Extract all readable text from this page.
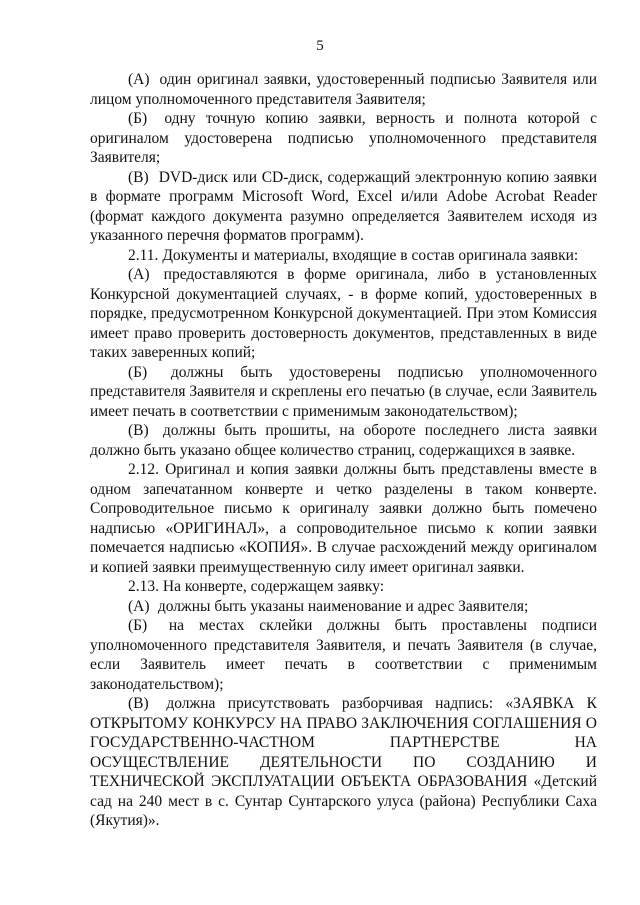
5

(А) один оригинал заявки, удостоверенный подписью Заявителя или лицом уполномоченного представителя Заявителя;

(Б) одну точную копию заявки, верность и полнота которой с оригиналом удостоверена подписью уполномоченного представителя Заявителя;

(В) DVD-диск или CD-диск, содержащий электронную копию заявки в формате программ Microsoft Word, Excel и/или Adobe Acrobat Reader (формат каждого документа разумно определяется Заявителем исходя из указанного перечня форматов программ).

2.11. Документы и материалы, входящие в состав оригинала заявки:

(А) предоставляются в форме оригинала, либо в установленных Конкурсной документацией случаях, - в форме копий, удостоверенных в порядке, предусмотренном Конкурсной документацией. При этом Комиссия имеет право проверить достоверность документов, представленных в виде таких заверенных копий;

(Б) должны быть удостоверены подписью уполномоченного представителя Заявителя и скреплены его печатью (в случае, если Заявитель имеет печать в соответствии с применимым законодательством);

(В) должны быть прошиты, на обороте последнего листа заявки должно быть указано общее количество страниц, содержащихся в заявке.

2.12. Оригинал и копия заявки должны быть представлены вместе в одном запечатанном конверте и четко разделены в таком конверте. Сопроводительное письмо к оригиналу заявки должно быть помечено надписью «ОРИГИНАЛ», а сопроводительное письмо к копии заявки помечается надписью «КОПИЯ». В случае расхождений между оригиналом и копией заявки преимущественную силу имеет оригинал заявки.

2.13. На конверте, содержащем заявку:

(А) должны быть указаны наименование и адрес Заявителя;

(Б) на местах склейки должны быть проставлены подписи уполномоченного представителя Заявителя, и печать Заявителя (в случае, если Заявитель имеет печать в соответствии с применимым законодательством);

(В) должна присутствовать разборчивая надпись: «ЗАЯВКА К ОТКРЫТОМУ КОНКУРСУ НА ПРАВО ЗАКЛЮЧЕНИЯ СОГЛАШЕНИЯ О ГОСУДАРСТВЕННО-ЧАСТНОМ ПАРТНЕРСТВЕ НА ОСУЩЕСТВЛЕНИЕ ДЕЯТЕЛЬНОСТИ ПО СОЗДАНИЮ И ТЕХНИЧЕСКОЙ ЭКСПЛУАТАЦИИ ОБЪЕКТА ОБРАЗОВАНИЯ «Детский сад на 240 мест в с. Сунтар Сунтарского улуса (района) Республики Саха (Якутия)».
